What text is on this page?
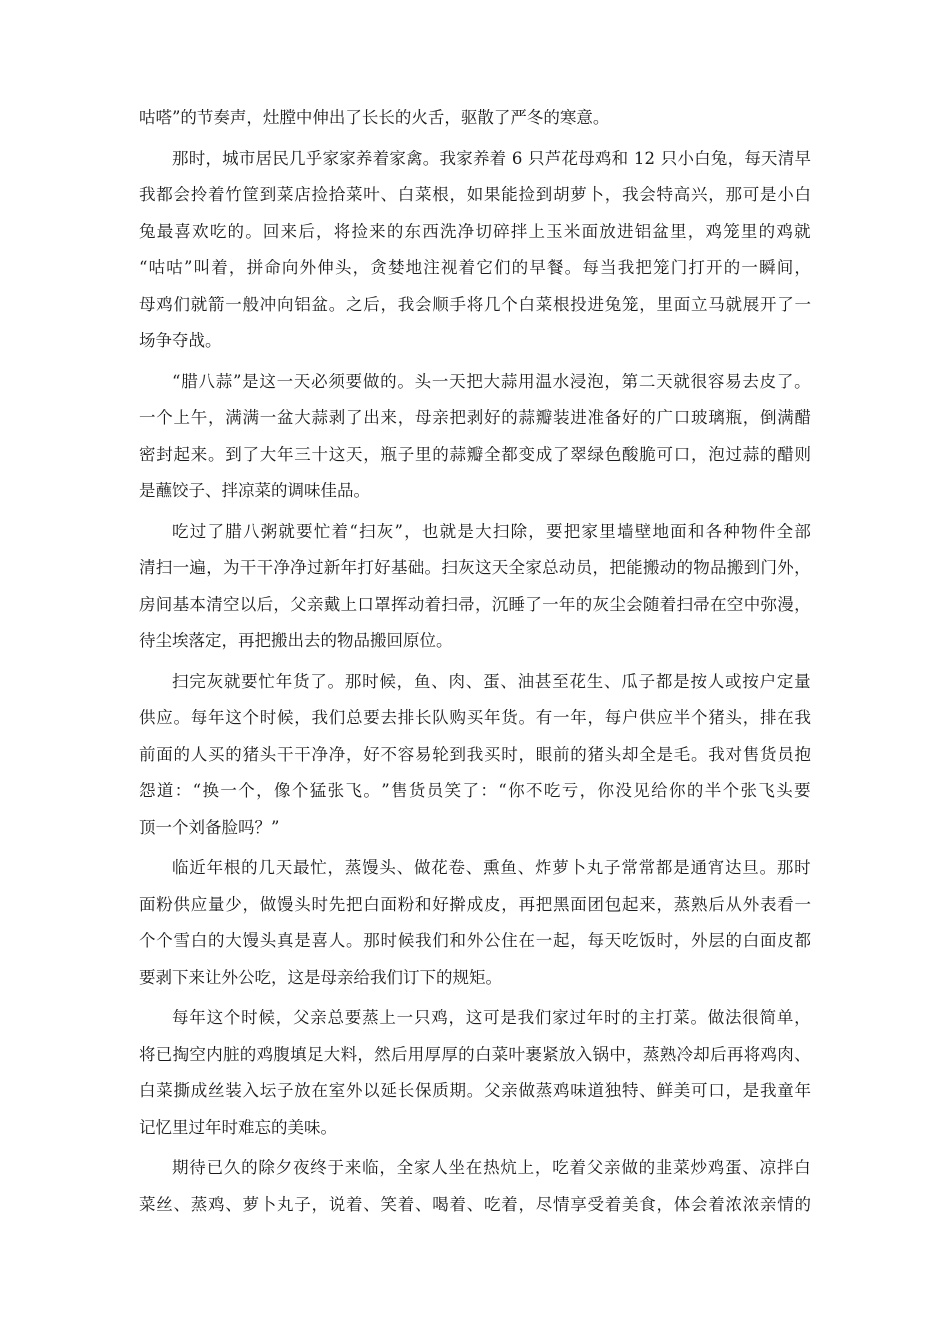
咕嗒”的节奏声，灶膛中伸出了长长的火舌，驱散了严冬的寒意。
那 时 ， 城 市 居 民 几 乎 家 家 养 着 家 禽 。 我 家 养 着
6
只 芦 花 母 鸡 和
1 2
只 小 白 兔 ， 每 天 清 早
我 都 会 拎 着 竹 筐 到 菜 店 捡 拾 菜 叶 、 白 菜 根 ， 如 果 能 捡 到 胡 萝 卜 ， 我 会 特 高 兴 ， 那 可 是 小 白
兔 最 喜 欢 吃 的 。 回 来 后 ， 将 捡 来 的 东 西 洗 净 切 碎 拌 上 玉 米 面 放 进 铝 盆 里 ， 鸡 笼 里 的 鸡 就
“ 咕 咕 ” 叫 着 ， 拼 命 向 外 伸 头 ， 贪 婪 地 注 视 着 它 们 的 早 餐 。 每 当 我 把 笼 门 打 开 的 一 瞬 间 ，
母 鸡 们 就 箭 一 般 冲 向 铝 盆 。 之 后 ， 我 会 顺 手 将 几 个 白 菜 根 投 进 兔 笼 ， 里 面 立 马 就 展 开 了 一
场争夺战。
“ 腊 八 蒜 ” 是 这 一 天 必 须 要 做 的 。 头 一 天 把 大 蒜 用 温 水 浸 泡 ， 第 二 天 就 很 容 易 去 皮 了 。
一 个 上 午 ， 满 满 一 盆 大 蒜 剥 了 出 来 ， 母 亲 把 剥 好 的 蒜 瓣 装 进 准 备 好 的 广 口 玻 璃 瓶 ， 倒 满 醋
密 封 起 来 。 到 了 大 年 三 十 这 天 ， 瓶 子 里 的 蒜 瓣 全 都 变 成 了 翠 绿 色 酸 脆 可 口 ， 泡 过 蒜 的 醋 则
是蘸饺子、拌凉菜的调味佳品。
吃 过 了 腊 八 粥 就 要 忙 着 “ 扫 灰 ” ， 也 就 是 大 扫 除 ， 要 把 家 里 墙 壁 地 面 和 各 种 物 件 全 部
清 扫 一 遍 ， 为 干 干 净 净 过 新 年 打 好 基 础 。 扫 灰 这 天 全 家 总 动 员 ， 把 能 搬 动 的 物 品 搬 到 门 外 ，
房 间 基 本 清 空 以 后 ， 父 亲 戴 上 口 罩 挥 动 着 扫 帚 ， 沉 睡 了 一 年 的 灰 尘 会 随 着 扫 帚 在 空 中 弥 漫 ，
待尘埃落定，再把搬出去的物品搬回原位。
扫 完 灰 就 要 忙 年 货 了 。 那 时 候 ， 鱼 、 肉 、 蛋 、 油 甚 至 花 生 、 瓜 子 都 是 按 人 或 按 户 定 量
供 应 。 每 年 这 个 时 候 ， 我 们 总 要 去 排 长 队 购 买 年 货 。 有 一 年 ， 每 户 供 应 半 个 猪 头 ， 排 在 我
前 面 的 人 买 的 猪 头 干 干 净 净 ， 好 不 容 易 轮 到 我 买 时 ， 眼 前 的 猪 头 却 全 是 毛 。 我 对 售 货 员 抱
怨 道 ： “ 换 一 个 ， 像 个 猛 张 飞 。 ” 售 货 员 笑 了 ： “ 你 不 吃 亏 ， 你 没 见 给 你 的 半 个 张 飞 头 要
顶一个刘备脸吗？”
临 近 年 根 的 几 天 最 忙 ， 蒸 馒 头 、 做 花 卷 、 熏 鱼 、 炸 萝 卜 丸 子 常 常 都 是 通 宵 达 旦 。 那 时
面 粉 供 应 量 少 ， 做 馒 头 时 先 把 白 面 粉 和 好 擀 成 皮 ， 再 把 黑 面 团 包 起 来 ， 蒸 熟 后 从 外 表 看 一
个 个 雪 白 的 大 馒 头 真 是 喜 人 。 那 时 候 我 们 和 外 公 住 在 一 起 ， 每 天 吃 饭 时 ， 外 层 的 白 面 皮 都
要剥下来让外公吃，这是母亲给我们订下的规矩。
每 年 这 个 时 候 ， 父 亲 总 要 蒸 上 一 只 鸡 ， 这 可 是 我 们 家 过 年 时 的 主 打 菜 。 做 法 很 简 单 ，
将 已 掏 空 内 脏 的 鸡 腹 填 足 大 料 ， 然 后 用 厚 厚 的 白 菜 叶 裹 紧 放 入 锅 中 ， 蒸 熟 冷 却 后 再 将 鸡 肉 、
白 菜 撕 成 丝 装 入 坛 子 放 在 室 外 以 延 长 保 质 期 。 父 亲 做 蒸 鸡 味 道 独 特 、 鲜 美 可 口 ， 是 我 童 年
记忆里过年时难忘的美味。
期 待 已 久 的 除 夕 夜 终 于 来 临 ， 全 家 人 坐 在 热 炕 上 ， 吃 着 父 亲 做 的 韭 菜 炒 鸡 蛋 、 凉 拌 白
菜 丝 、 蒸 鸡 、 萝 卜 丸 子 ， 说 着 、 笑 着 、 喝 着 、 吃 着 ， 尽 情 享 受 着 美 食 ， 体 会 着 浓 浓 亲 情 的
